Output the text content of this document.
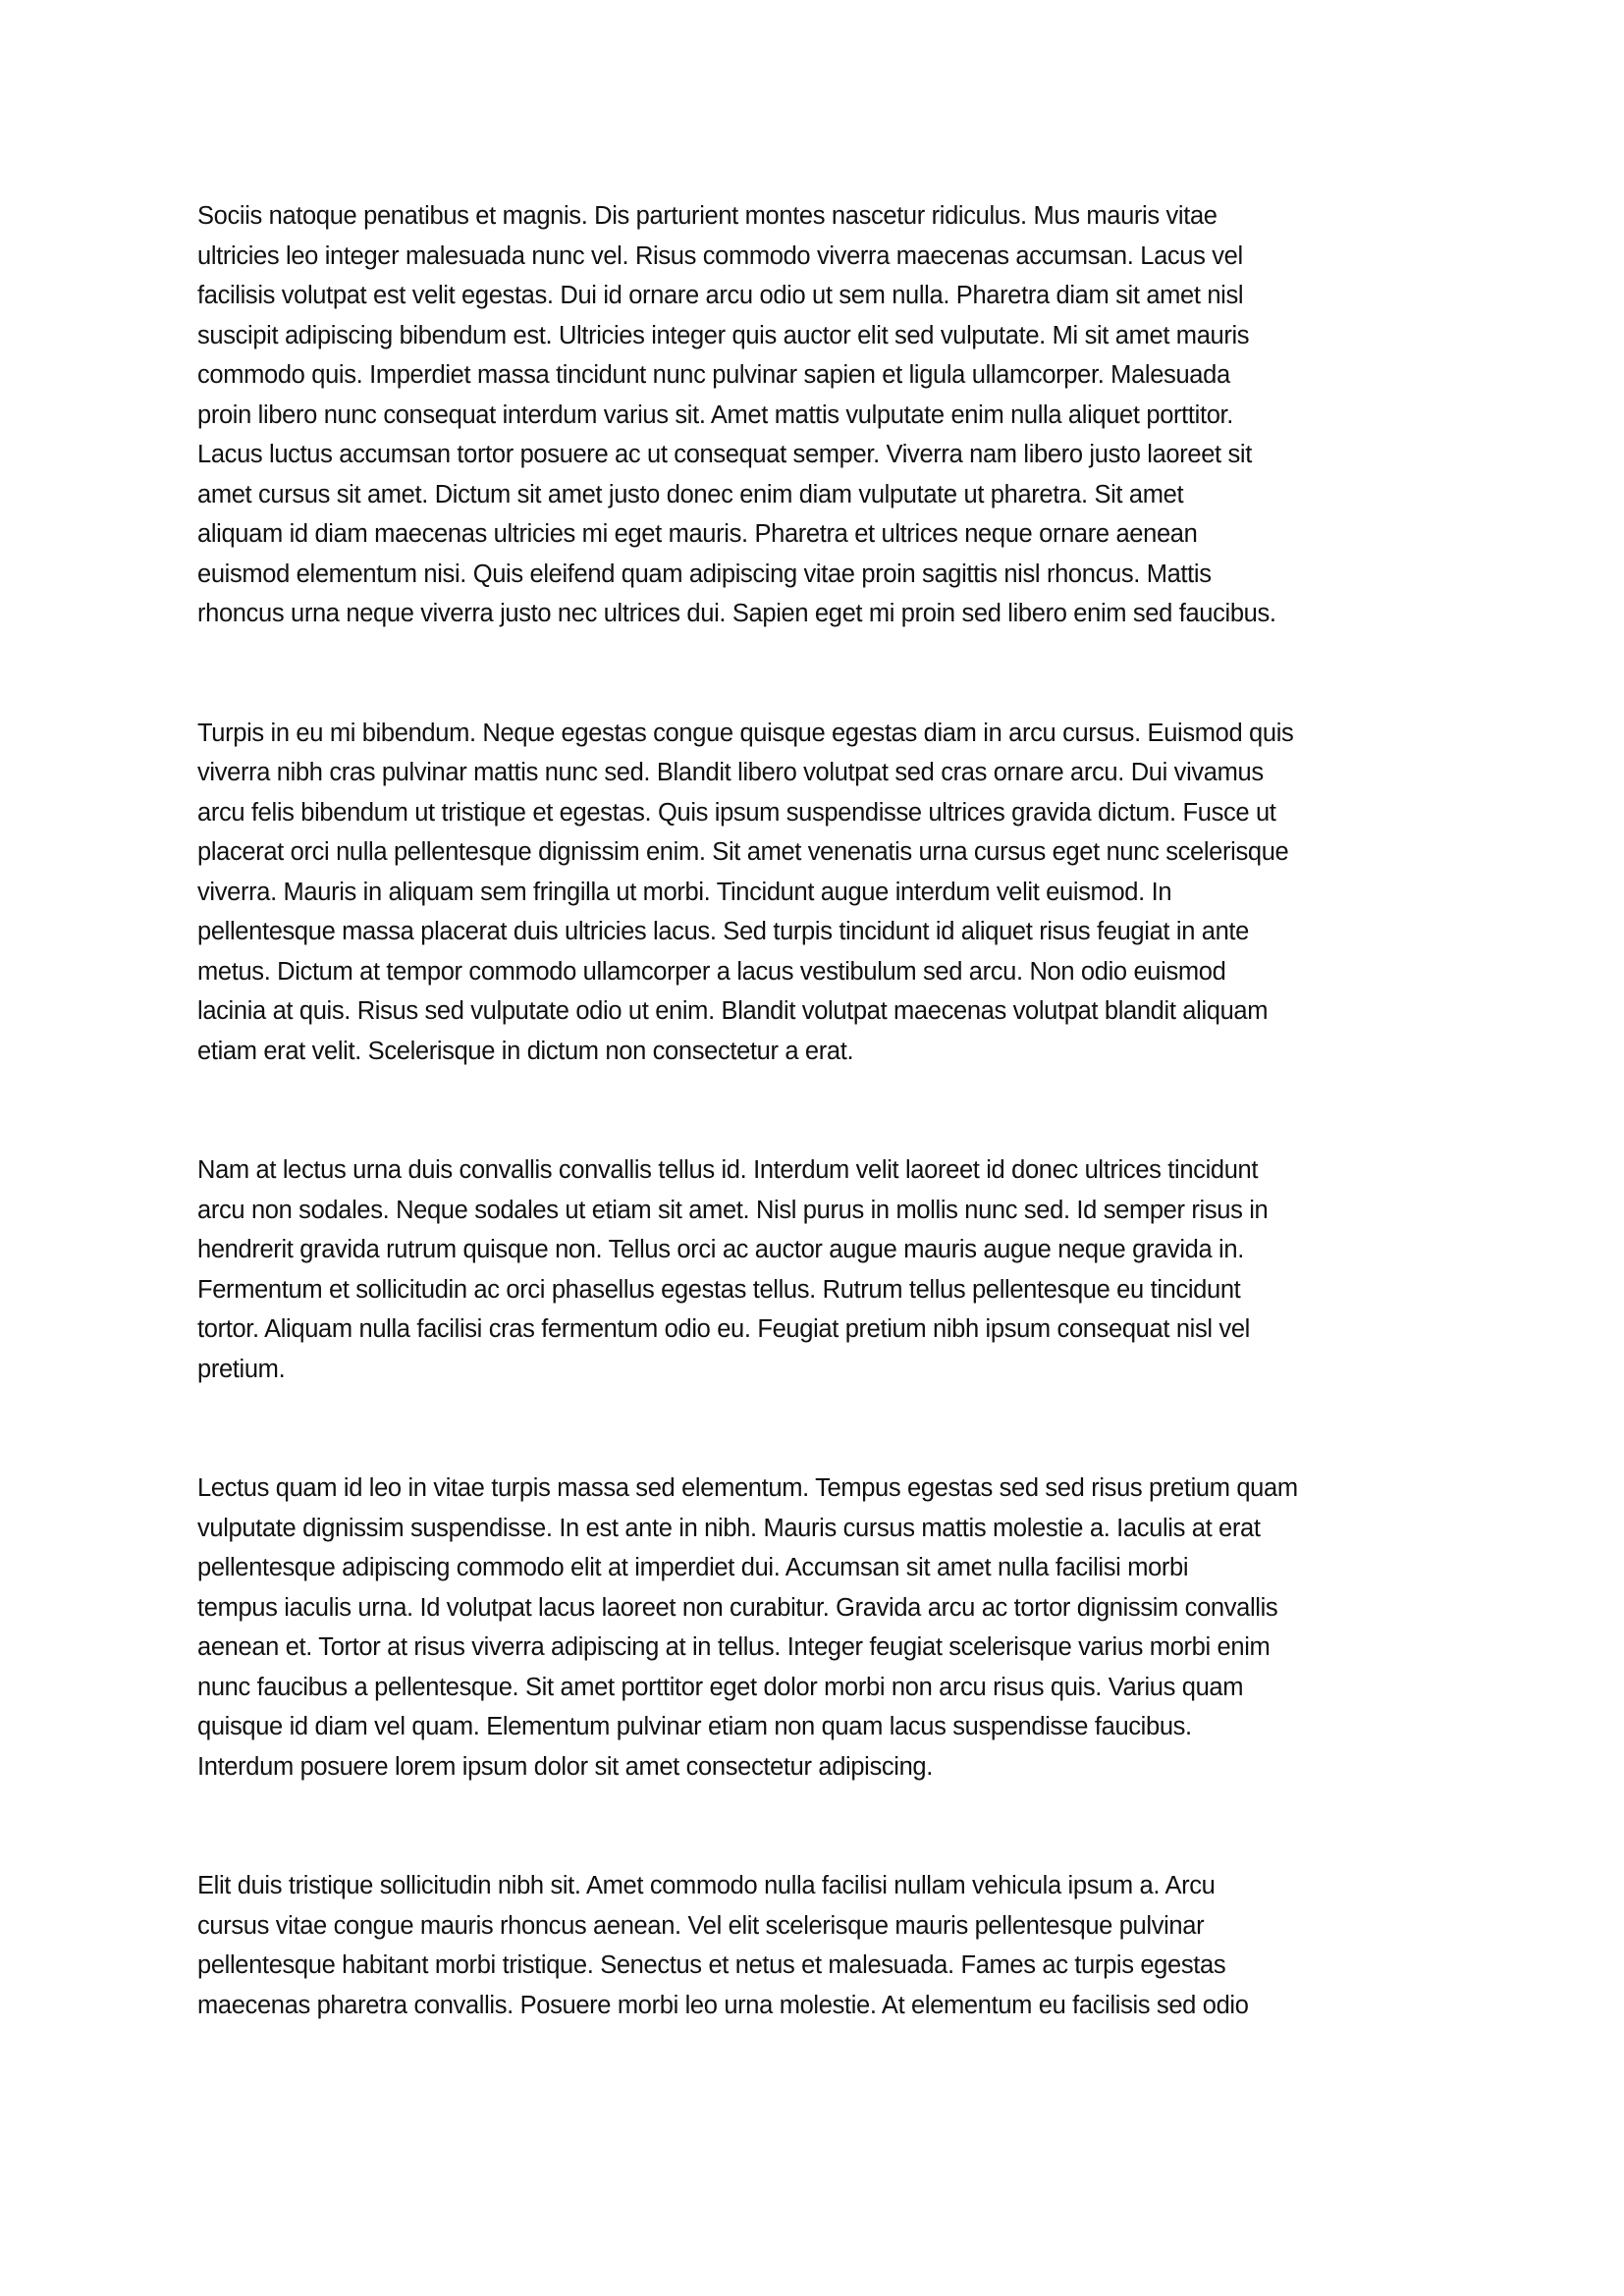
Sociis natoque penatibus et magnis. Dis parturient montes nascetur ridiculus. Mus mauris vitae
ultricies leo integer malesuada nunc vel. Risus commodo viverra maecenas accumsan. Lacus vel
facilisis volutpat est velit egestas. Dui id ornare arcu odio ut sem nulla. Pharetra diam sit amet nisl
suscipit adipiscing bibendum est. Ultricies integer quis auctor elit sed vulputate. Mi sit amet mauris
commodo quis. Imperdiet massa tincidunt nunc pulvinar sapien et ligula ullamcorper. Malesuada
proin libero nunc consequat interdum varius sit. Amet mattis vulputate enim nulla aliquet porttitor.
Lacus luctus accumsan tortor posuere ac ut consequat semper. Viverra nam libero justo laoreet sit
amet cursus sit amet. Dictum sit amet justo donec enim diam vulputate ut pharetra. Sit amet
aliquam id diam maecenas ultricies mi eget mauris. Pharetra et ultrices neque ornare aenean
euismod elementum nisi. Quis eleifend quam adipiscing vitae proin sagittis nisl rhoncus. Mattis
rhoncus urna neque viverra justo nec ultrices dui. Sapien eget mi proin sed libero enim sed faucibus.

Turpis in eu mi bibendum. Neque egestas congue quisque egestas diam in arcu cursus. Euismod quis
viverra nibh cras pulvinar mattis nunc sed. Blandit libero volutpat sed cras ornare arcu. Dui vivamus
arcu felis bibendum ut tristique et egestas. Quis ipsum suspendisse ultrices gravida dictum. Fusce ut
placerat orci nulla pellentesque dignissim enim. Sit amet venenatis urna cursus eget nunc scelerisque
viverra. Mauris in aliquam sem fringilla ut morbi. Tincidunt augue interdum velit euismod. In
pellentesque massa placerat duis ultricies lacus. Sed turpis tincidunt id aliquet risus feugiat in ante
metus. Dictum at tempor commodo ullamcorper a lacus vestibulum sed arcu. Non odio euismod
lacinia at quis. Risus sed vulputate odio ut enim. Blandit volutpat maecenas volutpat blandit aliquam
etiam erat velit. Scelerisque in dictum non consectetur a erat.

Nam at lectus urna duis convallis convallis tellus id. Interdum velit laoreet id donec ultrices tincidunt
arcu non sodales. Neque sodales ut etiam sit amet. Nisl purus in mollis nunc sed. Id semper risus in
hendrerit gravida rutrum quisque non. Tellus orci ac auctor augue mauris augue neque gravida in.
Fermentum et sollicitudin ac orci phasellus egestas tellus. Rutrum tellus pellentesque eu tincidunt
tortor. Aliquam nulla facilisi cras fermentum odio eu. Feugiat pretium nibh ipsum consequat nisl vel
pretium.

Lectus quam id leo in vitae turpis massa sed elementum. Tempus egestas sed sed risus pretium quam
vulputate dignissim suspendisse. In est ante in nibh. Mauris cursus mattis molestie a. Iaculis at erat
pellentesque adipiscing commodo elit at imperdiet dui. Accumsan sit amet nulla facilisi morbi
tempus iaculis urna. Id volutpat lacus laoreet non curabitur. Gravida arcu ac tortor dignissim convallis
aenean et. Tortor at risus viverra adipiscing at in tellus. Integer feugiat scelerisque varius morbi enim
nunc faucibus a pellentesque. Sit amet porttitor eget dolor morbi non arcu risus quis. Varius quam
quisque id diam vel quam. Elementum pulvinar etiam non quam lacus suspendisse faucibus.
Interdum posuere lorem ipsum dolor sit amet consectetur adipiscing.

Elit duis tristique sollicitudin nibh sit. Amet commodo nulla facilisi nullam vehicula ipsum a. Arcu
cursus vitae congue mauris rhoncus aenean. Vel elit scelerisque mauris pellentesque pulvinar
pellentesque habitant morbi tristique. Senectus et netus et malesuada. Fames ac turpis egestas
maecenas pharetra convallis. Posuere morbi leo urna molestie. At elementum eu facilisis sed odio
